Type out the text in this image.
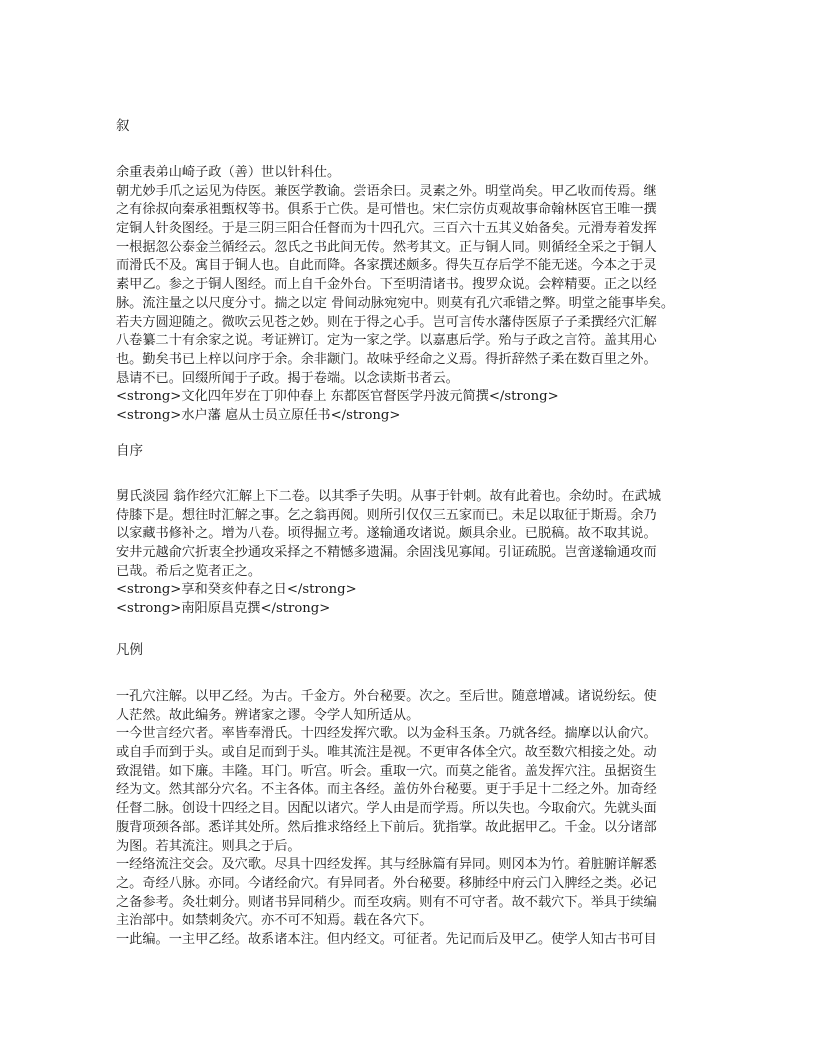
叙
余重表弟山崎子政（善）世以针科仕。
朝尤妙手爪之运见为侍医。兼医学教谕。尝语余曰。灵素之外。明堂尚矣。甲乙收而传焉。继
之有徐叔向秦承祖甄权等书。俱系于亡佚。是可惜也。宋仁宗仿贞观故事命翰林医官王唯一撰
定铜人针灸图经。于是三阴三阳合任督而为十四孔穴。三百六十五其义始备矣。元滑寿着发挥
一根据忽公泰金兰循经云。忽氏之书此间无传。然考其文。正与铜人同。则循经全采之于铜人
而滑氏不及。寓目于铜人也。自此而降。各家撰述颇多。得失互存后学不能无迷。今本之于灵
素甲乙。参之于铜人图经。而上自千金外台。下至明清诸书。搜罗众说。会粹精要。正之以经
脉。流注量之以尺度分寸。揣之以定 骨间动脉宛宛中。则莫有孔穴乖错之弊。明堂之能事毕矣。
若夫方圆迎随之。微吹云见苍之妙。则在于得之心手。岂可言传水藩侍医原子子柔撰经穴汇解
八卷纂二十有余家之说。考证辨订。定为一家之学。以嘉惠后学。殆与子政之言符。盖其用心
也。勤矣书已上梓以问序于余。余非颛门。故味乎经命之义焉。得折辞然子柔在数百里之外。
恳请不已。回缀所闻于子政。揭于卷端。以念读斯书者云。
<strong>文化四年岁在丁卯仲春上 东都医官督医学丹波元简撰</strong>
<strong>水户藩 扈从士员立原任书</strong>
自序
舅氏淡园 翁作经穴汇解上下二卷。以其季子失明。从事于针刺。故有此着也。余幼时。在武城
侍膝下是。想往时汇解之事。乞之翁再阅。则所引仅仅三五家而已。未足以取征于斯焉。余乃
以家藏书修补之。增为八卷。顷得掘立考。遂输通攻诸说。颇具余业。已脱稿。故不取其说。
安井元越俞穴折衷全抄通攻采择之不精憾多遗漏。余固浅见寡闻。引证疏脱。岂啻遂输通攻而
已哉。希后之览者正之。
<strong>享和癸亥仲春之日</strong>
<strong>南阳原昌克撰</strong>
凡例
一孔穴注解。以甲乙经。为古。千金方。外台秘要。次之。至后世。随意增减。诸说纷纭。使
人茫然。故此编务。辨诸家之谬。令学人知所适从。
一今世言经穴者。率皆奉滑氏。十四经发挥穴歌。以为金科玉条。乃就各经。揣摩以认俞穴。
或自手而到于头。或自足而到于头。唯其流注是视。不更审各体全穴。故至数穴相接之处。动
致混错。如下廉。丰隆。耳门。听宫。听会。重取一穴。而莫之能省。盖发挥穴注。虽据资生
经为文。然其部分穴名。不主各体。而主各经。盖仿外台秘要。更于手足十二经之外。加奇经
任督二脉。创设十四经之目。因配以诸穴。学人由是而学焉。所以失也。今取俞穴。先就头面
腹背项颈各部。悉详其处所。然后推求络经上下前后。犹指掌。故此据甲乙。千金。以分诸部
为图。若其流注。则具之于后。
一经络流注交会。及穴歌。尽具十四经发挥。其与经脉篇有异同。则冈本为竹。着脏腑详解悉
之。奇经八脉。亦同。今诸经俞穴。有异同者。外台秘要。移肺经中府云门入脾经之类。必记
之备参考。灸壮刺分。则诸书异同稍少。而至攻病。则有不可守者。故不载穴下。举具于续编
主治部中。如禁刺灸穴。亦不可不知焉。载在各穴下。
一此编。一主甲乙经。故系诸本注。但内经文。可征者。先记而后及甲乙。使学人知古书可目
